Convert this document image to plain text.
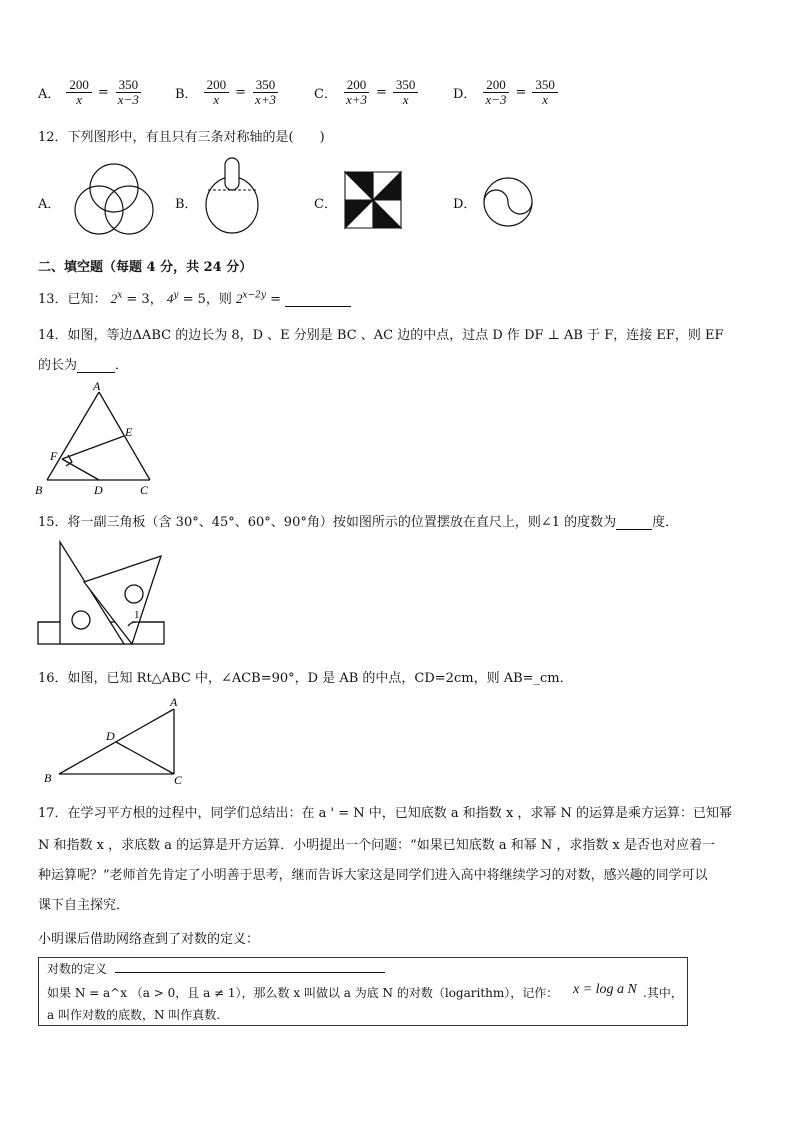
A． $\frac{200}{x} = \frac{350}{x-3}$	B． $\frac{200}{x} = \frac{350}{x+3}$	C． $\frac{200}{x+3} = \frac{350}{x}$	D． $\frac{200}{x-3} = \frac{350}{x}$
12．下列图形中，有且只有三条对称轴的是(　　)
A．	B．	C．	D．
二、填空题（每题 4 分，共 24 分）
13．已知： $2^x = 3$， $4^y = 5$，则 $2^{x-2y}$ =
14．如图，等边ΔABC 的边长为 8，D 、E 分别是 BC 、AC 边的中点，过点 D 作 DF ⊥ AB 于 F，连接 EF，则 EF
的长为	．
A
B	C
D
E
F
15．将一副三角板（含 30°、45°、60°、90°角）按如图所示的位置摆放在直尺上，则∠1 的度数为	度．
1
16．如图，已知 Rt△ABC 中，∠ACB=90°，D 是 AB 的中点，CD=2cm，则 AB=_cm．
A
B	C
D
17．在学习平方根的过程中，同学们总结出：在 a ' = N 中，已知底数 a 和指数 x ，求幂 N 的运算是乘方运算：已知幂
N 和指数 x ，求底数 a 的运算是开方运算．小明提出一个问题：“如果已知底数 a 和幂 N ，求指数 x 是否也对应着一
种运算呢？”老师首先肯定了小明善于思考，继而告诉大家这是同学们进入高中将继续学习的对数，感兴趣的同学可以
课下自主探究．
小明课后借助网络查到了对数的定义：
对数的定义
如果 N = a^x （a > 0，且 a ≠ 1），那么数 x 叫做以 a 为底 N 的对数（logarithm），记作： x = log a N .其中，
a 叫作对数的底数，N 叫作真数.
